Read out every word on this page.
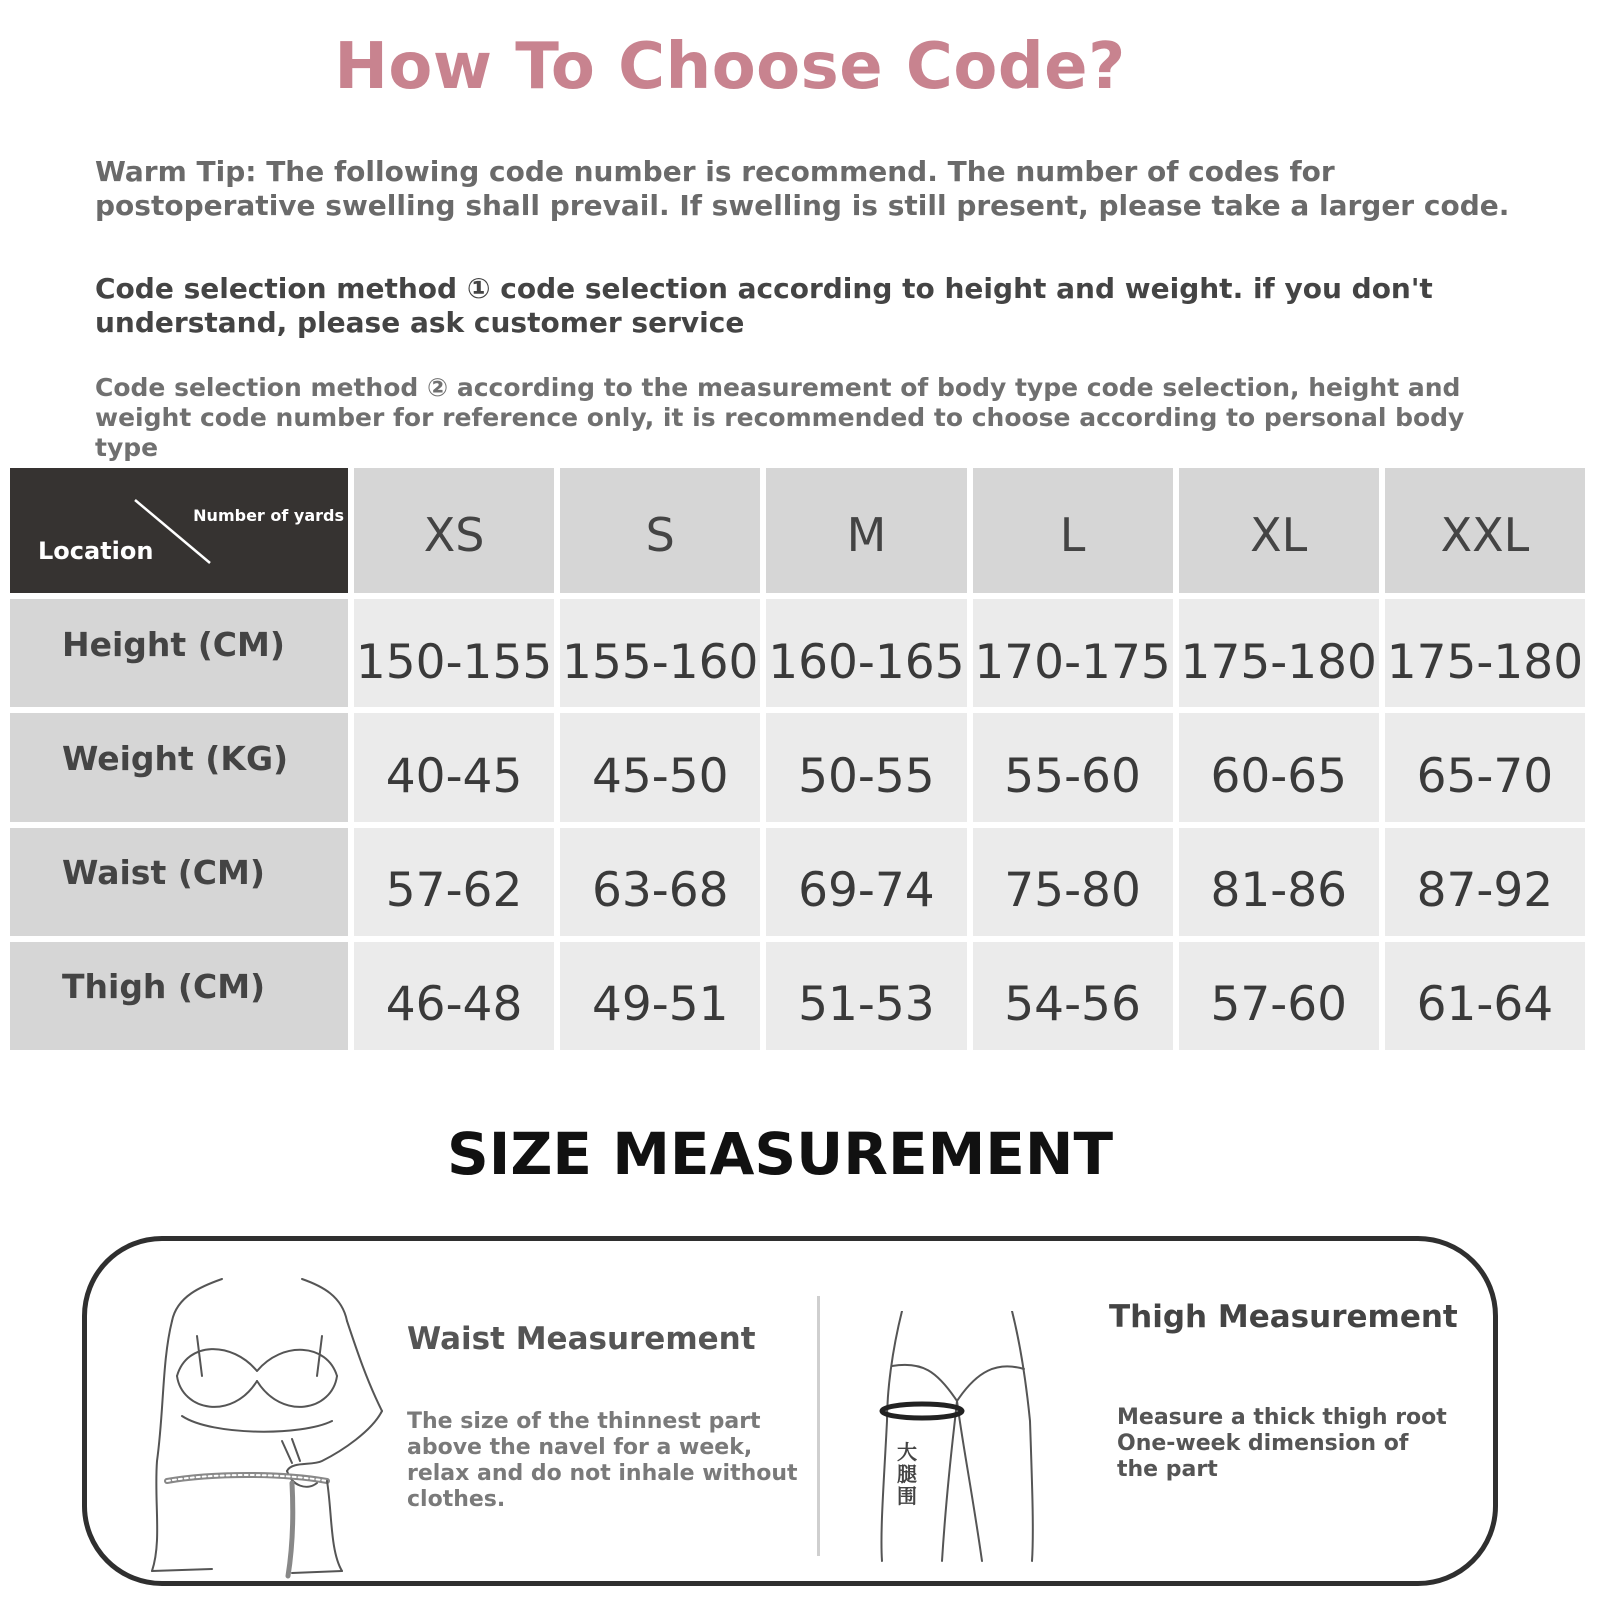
How To Choose Code?
Warm Tip: The following code number is recommend. The number of codes for postoperative swelling shall prevail. If swelling is still present, please take a larger code.
Code selection method ① code selection according to height and weight. if you don't understand, please ask customer service
Code selection method ② according to the measurement of body type code selection, height and weight code number for reference only, it is recommended to choose according to personal body type
Location
Number of yards	XS	S	M	L	XL	XXL
Height (CM)	150-155 155-160 160-165 170-175 175-180 175-180
Weight (KG)	40-45	45-50	50-55	55-60	60-65	65-70
Waist (CM)	57-62	63-68	69-74	75-80	81-86	87-92
Thigh (CM)	46-48	49-51	51-53	54-56	57-60	61-64
SIZE MEASUREMENT
Waist Measurement
The size of the thinnest part above the navel for a week, relax and do not inhale without clothes.
大腿围
Thigh Measurement
Measure a thick thigh root
One-week dimension of
the part
